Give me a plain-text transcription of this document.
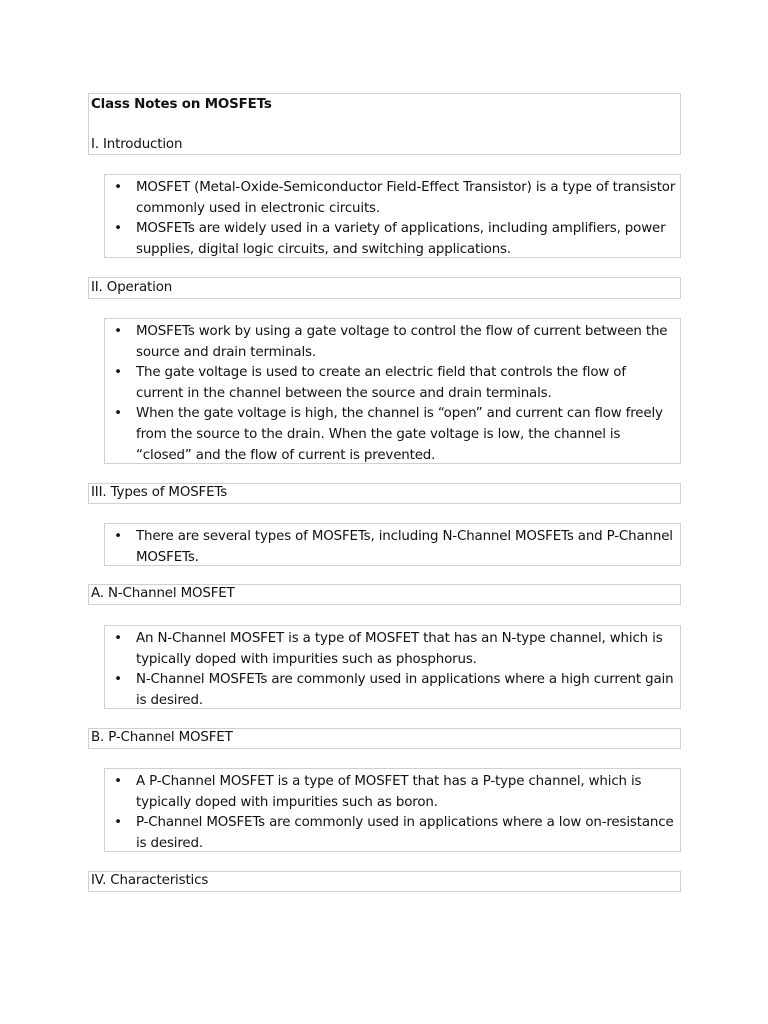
Class Notes on MOSFETs
I. Introduction
• MOSFET (Metal-Oxide-Semiconductor Field-Effect Transistor) is a type of transistor commonly used in electronic circuits.
• MOSFETs are widely used in a variety of applications, including amplifiers, power supplies, digital logic circuits, and switching applications.
II. Operation
• MOSFETs work by using a gate voltage to control the flow of current between the source and drain terminals.
• The gate voltage is used to create an electric field that controls the flow of current in the channel between the source and drain terminals.
• When the gate voltage is high, the channel is “open” and current can flow freely from the source to the drain. When the gate voltage is low, the channel is “closed” and the flow of current is prevented.
III. Types of MOSFETs
• There are several types of MOSFETs, including N-Channel MOSFETs and P-Channel MOSFETs.
A. N-Channel MOSFET
• An N-Channel MOSFET is a type of MOSFET that has an N-type channel, which is typically doped with impurities such as phosphorus.
• N-Channel MOSFETs are commonly used in applications where a high current gain is desired.
B. P-Channel MOSFET
• A P-Channel MOSFET is a type of MOSFET that has a P-type channel, which is typically doped with impurities such as boron.
• P-Channel MOSFETs are commonly used in applications where a low on-resistance is desired.
IV. Characteristics
